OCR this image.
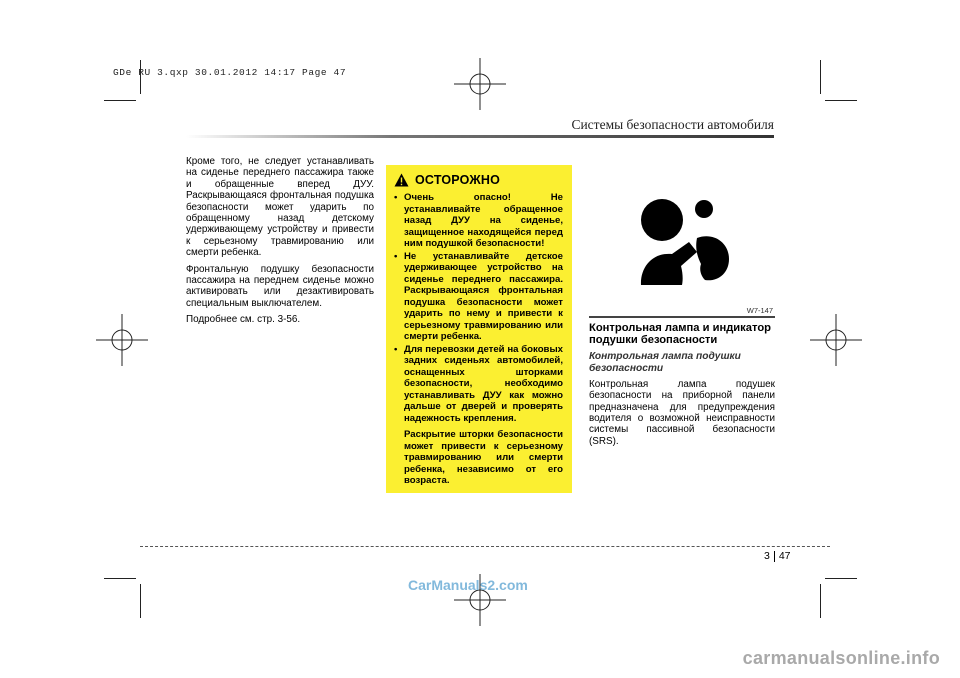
GDe RU 3.qxp 30.01.2012 14:17 Page 47
Системы безопасности автомобиля

Кроме того, не следует устанавливать на сиденье переднего пассажира также и обращенные вперед ДУУ. Раскрывающаяся фронтальная подушка безопасности может ударить по обращенному назад детскому удерживающему устройству и привести к серьезному травмированию или смерти ребенка.

Фронтальную подушку безопасности пассажира на переднем сиденье можно активировать или дезактивировать специальным выключателем.

Подробнее см. стр. 3-56.

ОСТОРОЖНО
• Очень опасно! Не устанавливайте обращенное назад ДУУ на сиденье, защищенное находящейся перед ним подушкой безопасности!

• Не устанавливайте детское удерживающее устройство на сиденье переднего пассажира. Раскрывающаяся фронтальная подушка безопасности может ударить по нему и привести к серьезному травмированию или смерти ребенка.

• Для перевозки детей на боковых задних сиденьях автомобилей, оснащенных шторками безопасности, необходимо устанавливать ДУУ как можно дальше от дверей и проверять надежность крепления.

Раскрытие шторки безопасности может привести к серьезному травмированию или смерти ребенка, независимо от его возраста.

W7-147
Контрольная лампа и индикатор подушки безопасности
Контрольная лампа подушки безопасности

Контрольная лампа подушек безопасности на приборной панели предназначена для предупреждения водителя о возможной неисправности системы пассивной безопасности (SRS).

3 47
CarManuals2.com
carmanualsonline.info
